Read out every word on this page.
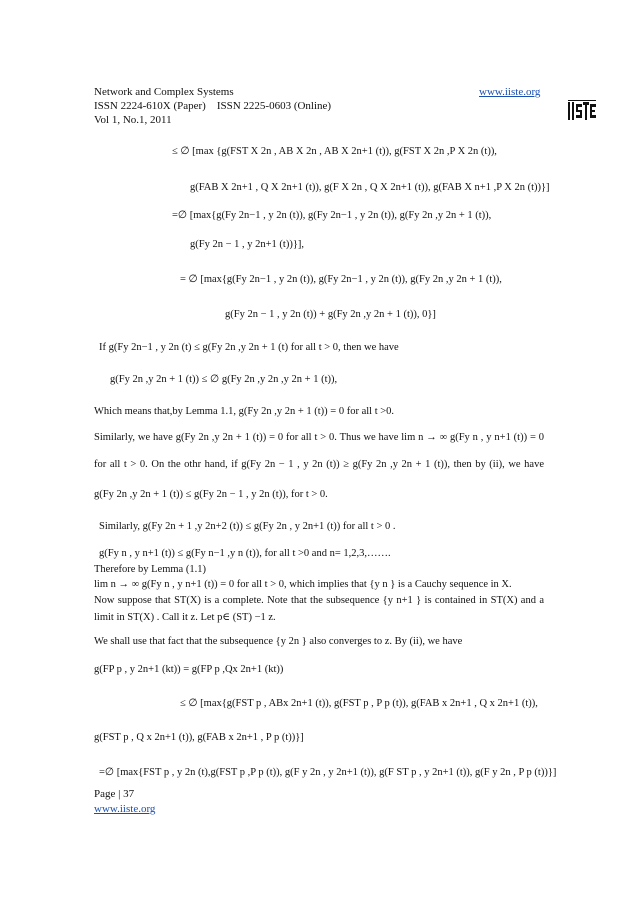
Network and Complex Systems	www.iiste.org
ISSN 2224-610X (Paper)    ISSN 2225-0603 (Online)
Vol 1, No.1, 2011
≤ ∅ [max {g(FST X 2n , AB X 2n , AB X 2n+1 (t)), g(FST X 2n ,P X 2n (t)),
g(FAB X 2n+1 , Q X 2n+1 (t)), g(F X 2n , Q X 2n+1 (t)), g(FAB X n+1 ,P X 2n (t))}]
=∅ [max{g(Fy 2n−1 , y 2n (t)), g(Fy 2n−1 , y 2n (t)), g(Fy 2n ,y 2n + 1 (t)),
g(Fy 2n − 1 , y 2n+1 (t))}],
= ∅ [max{g(Fy 2n−1 , y 2n (t)), g(Fy 2n−1 , y 2n (t)), g(Fy 2n ,y 2n + 1 (t)),
g(Fy 2n − 1 , y 2n (t)) + g(Fy 2n ,y 2n + 1 (t)), 0}]
If g(Fy 2n−1 , y 2n (t) ≤ g(Fy 2n ,y 2n + 1 (t) for all t > 0, then we have
g(Fy 2n ,y 2n + 1 (t)) ≤ ∅ g(Fy 2n ,y 2n ,y 2n + 1 (t)),
Which means that,by Lemma 1.1, g(Fy 2n ,y 2n + 1 (t)) = 0 for all t >0.
Similarly, we have g(Fy 2n ,y 2n + 1 (t)) = 0 for all t > 0. Thus we have lim n → ∞ g(Fy n , y n+1 (t)) = 0
for all t > 0. On the othr hand, if g(Fy 2n − 1 , y 2n (t)) ≥ g(Fy 2n ,y 2n + 1 (t)), then by (ii), we have
g(Fy 2n ,y 2n + 1 (t)) ≤ g(Fy 2n − 1 , y 2n (t)), for t > 0.
Similarly, g(Fy 2n + 1 ,y 2n+2 (t)) ≤ g(Fy 2n , y 2n+1 (t)) for all t > 0 .
g(Fy n , y n+1 (t)) ≤ g(Fy n−1 ,y n (t)), for all t >0 and n= 1,2,3,…….
Therefore by Lemma (1.1)
lim n → ∞ g(Fy n , y n+1 (t)) = 0 for all t > 0, which implies that {y n } is a Cauchy sequence in X.
Now suppose that ST(X) is a complete. Note that the subsequence {y n+1 } is contained in ST(X) and a
limit in ST(X) . Call it z. Let p∈ (ST) −1 z.
We shall use that fact that the subsequence {y 2n } also converges to z. By (ii), we have
g(FP p , y 2n+1 (kt)) = g(FP p ,Qx 2n+1 (kt))
≤ ∅ [max{g(FST p , ABx 2n+1 (t)), g(FST p , P p (t)), g(FAB x 2n+1 , Q x 2n+1 (t)),
g(FST p , Q x 2n+1 (t)), g(FAB x 2n+1 , P p (t))}]
=∅ [max{FST p , y 2n (t),g(FST p ,P p (t)), g(F y 2n , y 2n+1 (t)), g(F ST p , y 2n+1 (t)), g(F y 2n , P p (t))}]
Page | 37
www.iiste.org
